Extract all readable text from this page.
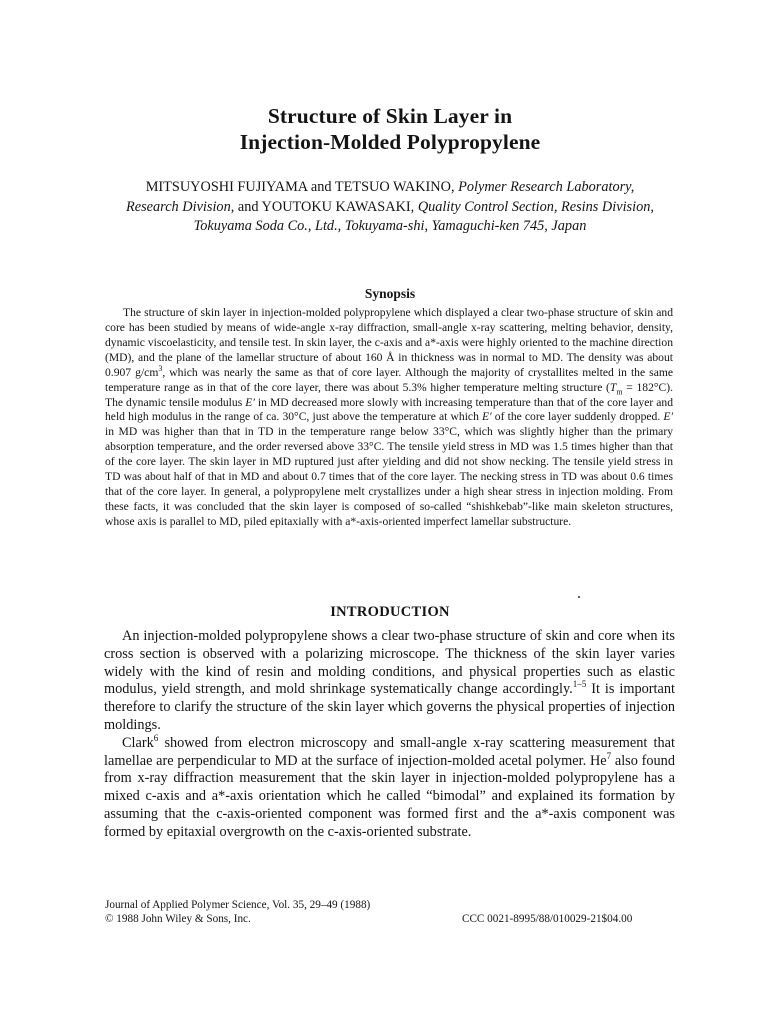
Structure of Skin Layer in
Injection-Molded Polypropylene
MITSUYOSHI FUJIYAMA and TETSUO WAKINO, Polymer Research Laboratory, Research Division, and YOUTOKU KAWASAKI, Quality Control Section, Resins Division, Tokuyama Soda Co., Ltd., Tokuyama-shi, Yamaguchi-ken 745, Japan
Synopsis
The structure of skin layer in injection-molded polypropylene which displayed a clear two-phase structure of skin and core has been studied by means of wide-angle x-ray diffraction, small-angle x-ray scattering, melting behavior, density, dynamic viscoelasticity, and tensile test. In skin layer, the c-axis and a*-axis were highly oriented to the machine direction (MD), and the plane of the lamellar structure of about 160 Å in thickness was in normal to MD. The density was about 0.907 $g/cm^3$, which was nearly the same as that of core layer. Although the majority of crystallites melted in the same temperature range as in that of the core layer, there was about 5.3% higher temperature melting structure $(T_m = 182^\circ C)$. The dynamic tensile modulus E′ in MD decreased more slowly with increasing temperature than that of the core layer and held high modulus in the range of ca. 30°C, just above the temperature at which E′ of the core layer suddenly dropped. E′ in MD was higher than that in TD in the temperature range below 33°C, which was slightly higher than the primary absorption temperature, and the order reversed above 33°C. The tensile yield stress in MD was 1.5 times higher than that of the core layer. The skin layer in MD ruptured just after yielding and did not show necking. The tensile yield stress in TD was about half of that in MD and about 0.7 times that of the core layer. The necking stress in TD was about 0.6 times that of the core layer. In general, a polypropylene melt crystallizes under a high shear stress in injection molding. From these facts, it was concluded that the skin layer is composed of so-called “shishkebab”-like main skeleton structures, whose axis is parallel to MD, piled epitaxially with a*-axis-oriented imperfect lamellar substructure.
INTRODUCTION

An injection-molded polypropylene shows a clear two-phase structure of skin and core when its cross section is observed with a polarizing microscope. The thickness of the skin layer varies widely with the kind of resin and molding conditions, and physical properties such as elastic modulus, yield strength, and mold shrinkage systematically change accordingly.$^{1-5}$ It is important therefore to clarify the structure of the skin layer which governs the physical properties of injection moldings.

Clark$^6$ showed from electron microscopy and small-angle x-ray scattering measurement that lamellae are perpendicular to MD at the surface of injection-molded acetal polymer. He$^7$ also found from x-ray diffraction measurement that the skin layer in injection-molded polypropylene has a mixed c-axis and a*-axis orientation which he called “bimodal” and explained its formation by assuming that the c-axis-oriented component was formed first and the a*-axis component was formed by epitaxial overgrowth on the c-axis-oriented substrate.

Journal of Applied Polymer Science, Vol. 35, 29–49 (1988)
© 1988 John Wiley & Sons, Inc.	CCC 0021-8995/88/010029-21$04.00
